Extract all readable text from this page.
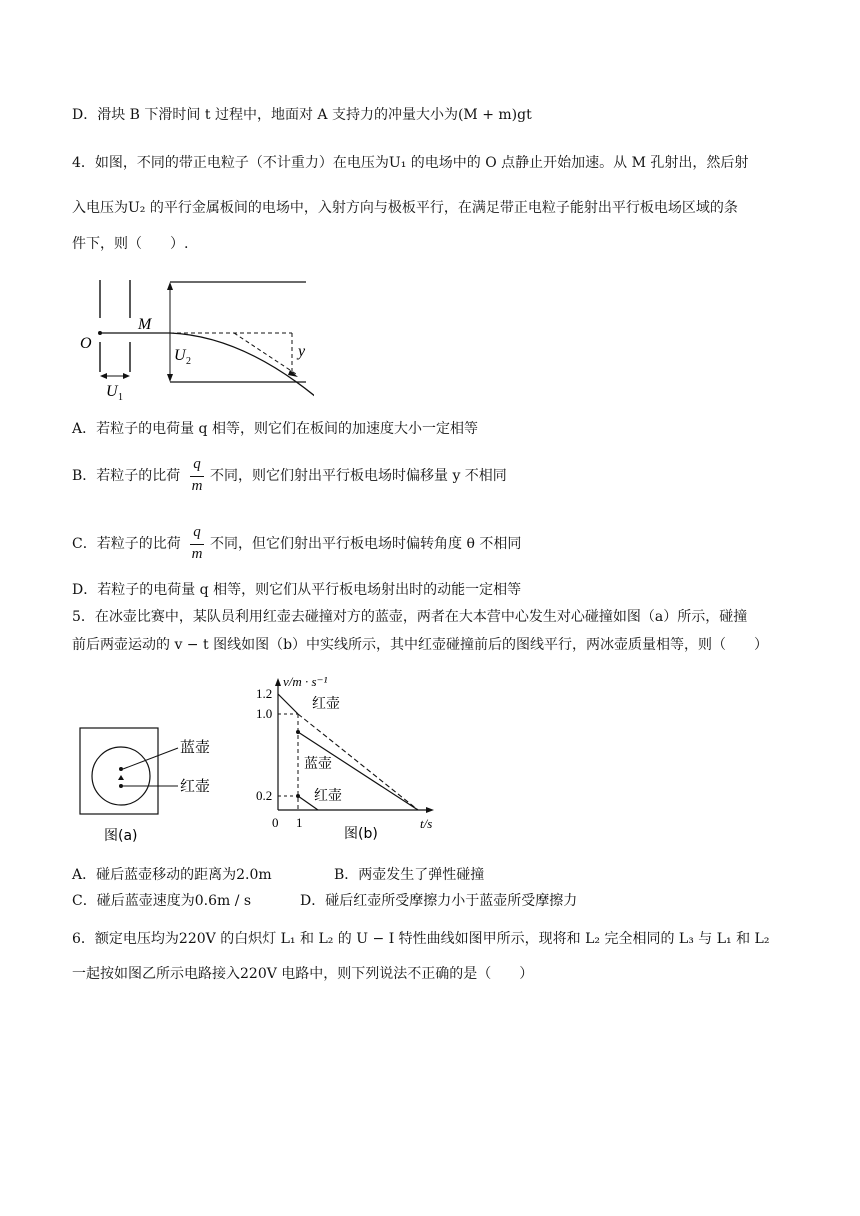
D．滑块 B 下滑时间 t 过程中，地面对 A 支持力的冲量大小为(M + m)gt
4．如图，不同的带正电粒子（不计重力）在电压为U₁ 的电场中的 O 点静止开始加速。从 M 孔射出，然后射
入电压为U₂ 的平行金属板间的电场中，入射方向与极板平行，在满足带正电粒子能射出平行板电场区域的条
件下，则（　　）.
O
M
U 2
y
U 1
A．若粒子的电荷量 q 相等，则它们在板间的加速度大小一定相等
B．若粒子的比荷
q
m
不同，则它们射出平行板电场时偏移量 y 不相同
C．若粒子的比荷
q
m
不同，但它们射出平行板电场时偏转角度 θ 不相同
D．若粒子的电荷量 q 相等，则它们从平行板电场射出时的动能一定相等
5．在冰壶比赛中，某队员利用红壶去碰撞对方的蓝壶，两者在大本营中心发生对心碰撞如图（a）所示，碰撞
前后两壶运动的 v − t 图线如图（b）中实线所示，其中红壶碰撞前后的图线平行，两冰壶质量相等，则（　　）
蓝壶
红壶
图(a)
v/m · s⁻¹
t/s
1.2
1.0
0.2
0 1
红壶
蓝壶
红壶
图(b)
A．碰后蓝壶移动的距离为2.0m	B．两壶发生了弹性碰撞
C．碰后蓝壶速度为0.6m / s	D．碰后红壶所受摩擦力小于蓝壶所受摩擦力
6．额定电压均为220V 的白炽灯 L₁ 和 L₂ 的 U − I 特性曲线如图甲所示，现将和 L₂ 完全相同的 L₃ 与 L₁ 和 L₂
一起按如图乙所示电路接入220V 电路中，则下列说法不正确的是（　　）
